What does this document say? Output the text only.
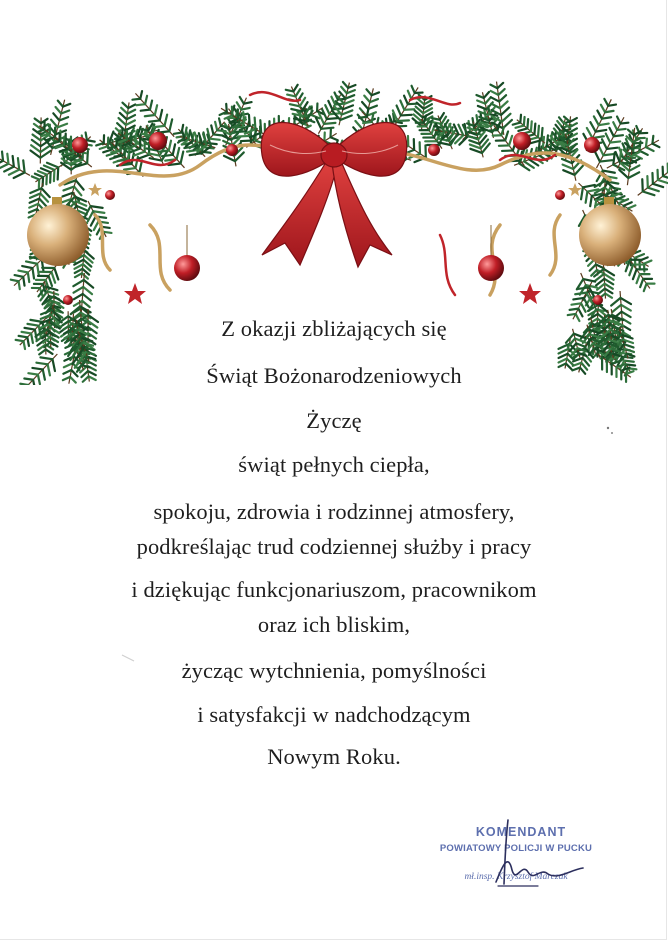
Z okazji zbliżających się
Świąt Bożonarodzeniowych
Życzę
świąt pełnych ciepła,
spokoju, zdrowia i rodzinnej atmosfery,
podkreślając trud codziennej służby i pracy
i dziękując funkcjonariuszom, pracownikom
oraz ich bliskim,
życząc wytchnienia, pomyślności
i satysfakcji w nadchodzącym
Nowym Roku.
KOMENDANT
POWIATOWY POLICJI W PUCKU
mł.insp. Krzysztof Marczak
